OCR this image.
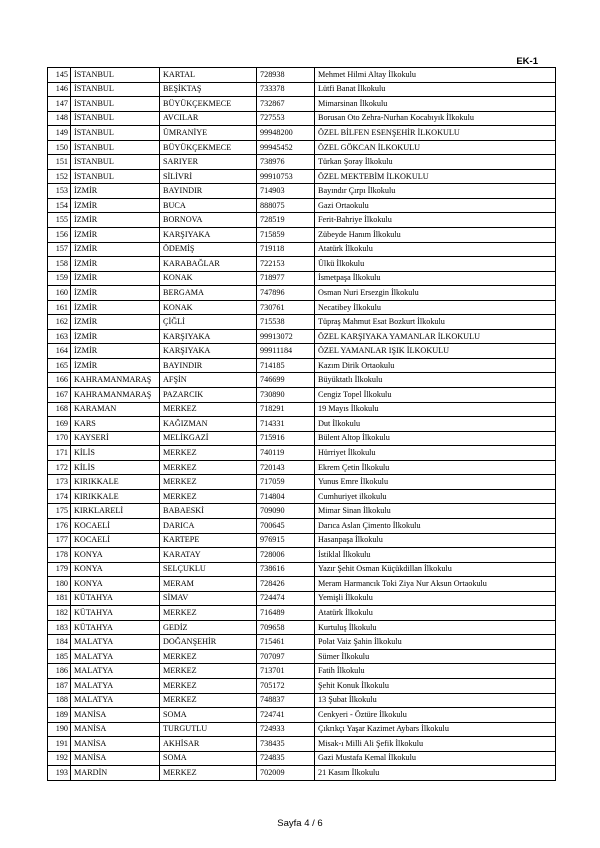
EK-1
145	İSTANBUL	KARTAL	728938	Mehmet Hilmi Altay İlkokulu
146	İSTANBUL	BEŞİKTAŞ	733378	Lütfi Banat İlkokulu
147	İSTANBUL	BÜYÜKÇEKMECE	732867	Mimarsinan İlkokulu
148	İSTANBUL	AVCILAR	727553	Borusan Oto Zehra-Nurhan Kocabıyık İlkokulu
149	İSTANBUL	ÜMRANİYE	99948200	ÖZEL BİLFEN ESENŞEHİR İLKOKULU
150	İSTANBUL	BÜYÜKÇEKMECE	99945452	ÖZEL GÖKCAN İLKOKULU
151	İSTANBUL	SARIYER	738976	Türkan Şoray İlkokulu
152	İSTANBUL	SİLİVRİ	99910753	ÖZEL MEKTEBİM İLKOKULU
153	İZMİR	BAYINDIR	714903	Bayındır Çırpı İlkokulu
154	İZMİR	BUCA	888075	Gazi Ortaokulu
155	İZMİR	BORNOVA	728519	Ferit-Bahriye İlkokulu
156	İZMİR	KARŞIYAKA	715859	Zübeyde Hanım İlkokulu
157	İZMİR	ÖDEMİŞ	719118	Atatürk İlkokulu
158	İZMİR	KARABAĞLAR	722153	Ülkü İlkokulu
159	İZMİR	KONAK	718977	İsmetpaşa İlkokulu
160	İZMİR	BERGAMA	747896	Osman Nuri Ersezgin İlkokulu
161	İZMİR	KONAK	730761	Necatibey İlkokulu
162	İZMİR	ÇİĞLİ	715538	Tüpraş Mahmut Esat Bozkurt İlkokulu
163	İZMİR	KARŞIYAKA	99913072	ÖZEL KARŞIYAKA YAMANLAR İLKOKULU
164	İZMİR	KARŞIYAKA	99911184	ÖZEL YAMANLAR IŞIK İLKOKULU
165	İZMİR	BAYINDIR	714185	Kazım Dirik Ortaokulu
166	KAHRAMANMARAŞ	AFŞİN	746699	Büyüktatlı İlkokulu
167	KAHRAMANMARAŞ	PAZARCIK	730890	Cengiz Topel İlkokulu
168	KARAMAN	MERKEZ	718291	19 Mayıs İlkokulu
169	KARS	KAĞIZMAN	714331	Dut İlkokulu
170	KAYSERİ	MELİKGAZİ	715916	Bülent Altop İlkokulu
171	KİLİS	MERKEZ	740119	Hürriyet İlkokulu
172	KİLİS	MERKEZ	720143	Ekrem Çetin İlkokulu
173	KIRIKKALE	MERKEZ	717059	Yunus Emre İlkokulu
174	KIRIKKALE	MERKEZ	714804	Cumhuriyet ilkokulu
175	KIRKLARELİ	BABAESKİ	709090	Mimar Sinan İlkokulu
176	KOCAELİ	DARICA	700645	Darıca Aslan Çimento İlkokulu
177	KOCAELİ	KARTEPE	976915	Hasanpaşa İlkokulu
178	KONYA	KARATAY	728006	İstiklal İlkokulu
179	KONYA	SELÇUKLU	738616	Yazır Şehit Osman Küçükdillan İlkokulu
180	KONYA	MERAM	728426	Meram Harmancık Toki Ziya Nur Aksun Ortaokulu
181	KÜTAHYA	SİMAV	724474	Yemişli İlkokulu
182	KÜTAHYA	MERKEZ	716489	Atatürk İlkokulu
183	KÜTAHYA	GEDİZ	709658	Kurtuluş İlkokulu
184	MALATYA	DOĞANŞEHİR	715461	Polat Vaiz Şahin İlkokulu
185	MALATYA	MERKEZ	707097	Sümer İlkokulu
186	MALATYA	MERKEZ	713701	Fatih İlkokulu
187	MALATYA	MERKEZ	705172	Şehit Konuk İlkokulu
188	MALATYA	MERKEZ	748837	13 Şubat İlkokulu
189	MANİSA	SOMA	724741	Cenkyeri - Öztüre İlkokulu
190	MANİSA	TURGUTLU	724933	Çıkrıkçı Yaşar Kazimet Aybars İlkokulu
191	MANİSA	AKHİSAR	738435	Misak-ı Milli Ali Şefik İlkokulu
192	MANİSA	SOMA	724835	Gazi Mustafa Kemal İlkokulu
193	MARDİN	MERKEZ	702009	21 Kasım İlkokulu
Sayfa 4 / 6
